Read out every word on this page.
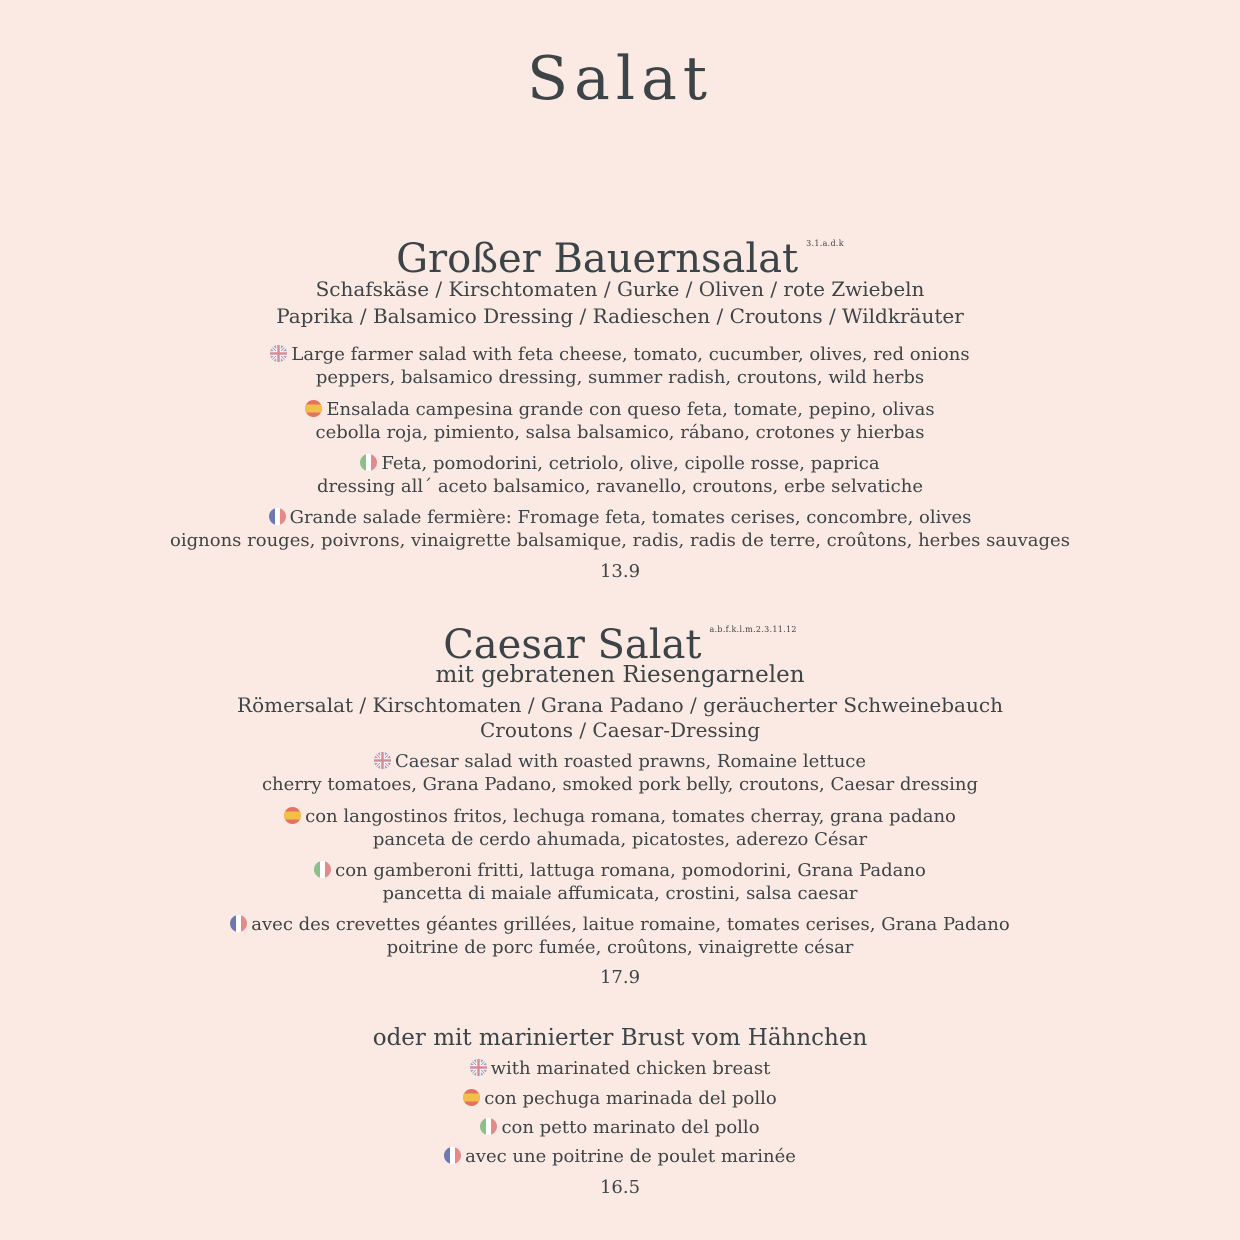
Salat
Großer Bauernsalat $^{3.1.a.d.k}$
Schafskäse / Kirschtomaten / Gurke / Oliven / rote Zwiebeln
Paprika / Balsamico Dressing / Radieschen / Croutons / Wildkräuter
Large farmer salad with feta cheese, tomato, cucumber, olives, red onions
peppers, balsamico dressing, summer radish, croutons, wild herbs
Ensalada campesina grande con queso feta, tomate, pepino, olivas
cebolla roja, pimiento, salsa balsamico, rábano, crotones y hierbas
Feta, pomodorini, cetriolo, olive, cipolle rosse, paprica
dressing all´ aceto balsamico, ravanello, croutons, erbe selvatiche
Grande salade fermière: Fromage feta, tomates cerises, concombre, olives
oignons rouges, poivrons, vinaigrette balsamique, radis, radis de terre, croûtons, herbes sauvages
13.9
Caesar Salat $^{a.b.f.k.l.m.2.3.11.12}$
mit gebratenen Riesengarnelen
Römersalat / Kirschtomaten / Grana Padano / geräucherter Schweinebauch
Croutons / Caesar-Dressing
Caesar salad with roasted prawns, Romaine lettuce
cherry tomatoes, Grana Padano, smoked pork belly, croutons, Caesar dressing
con langostinos fritos, lechuga romana, tomates cherray, grana padano
panceta de cerdo ahumada, picatostes, aderezo César
con gamberoni fritti, lattuga romana, pomodorini, Grana Padano
pancetta di maiale affumicata, crostini, salsa caesar
avec des crevettes géantes grillées, laitue romaine, tomates cerises, Grana Padano
poitrine de porc fumée, croûtons, vinaigrette césar
17.9
oder mit marinierter Brust vom Hähnchen
with marinated chicken breast
con pechuga marinada del pollo
con petto marinato del pollo
avec une poitrine de poulet marinée
16.5
